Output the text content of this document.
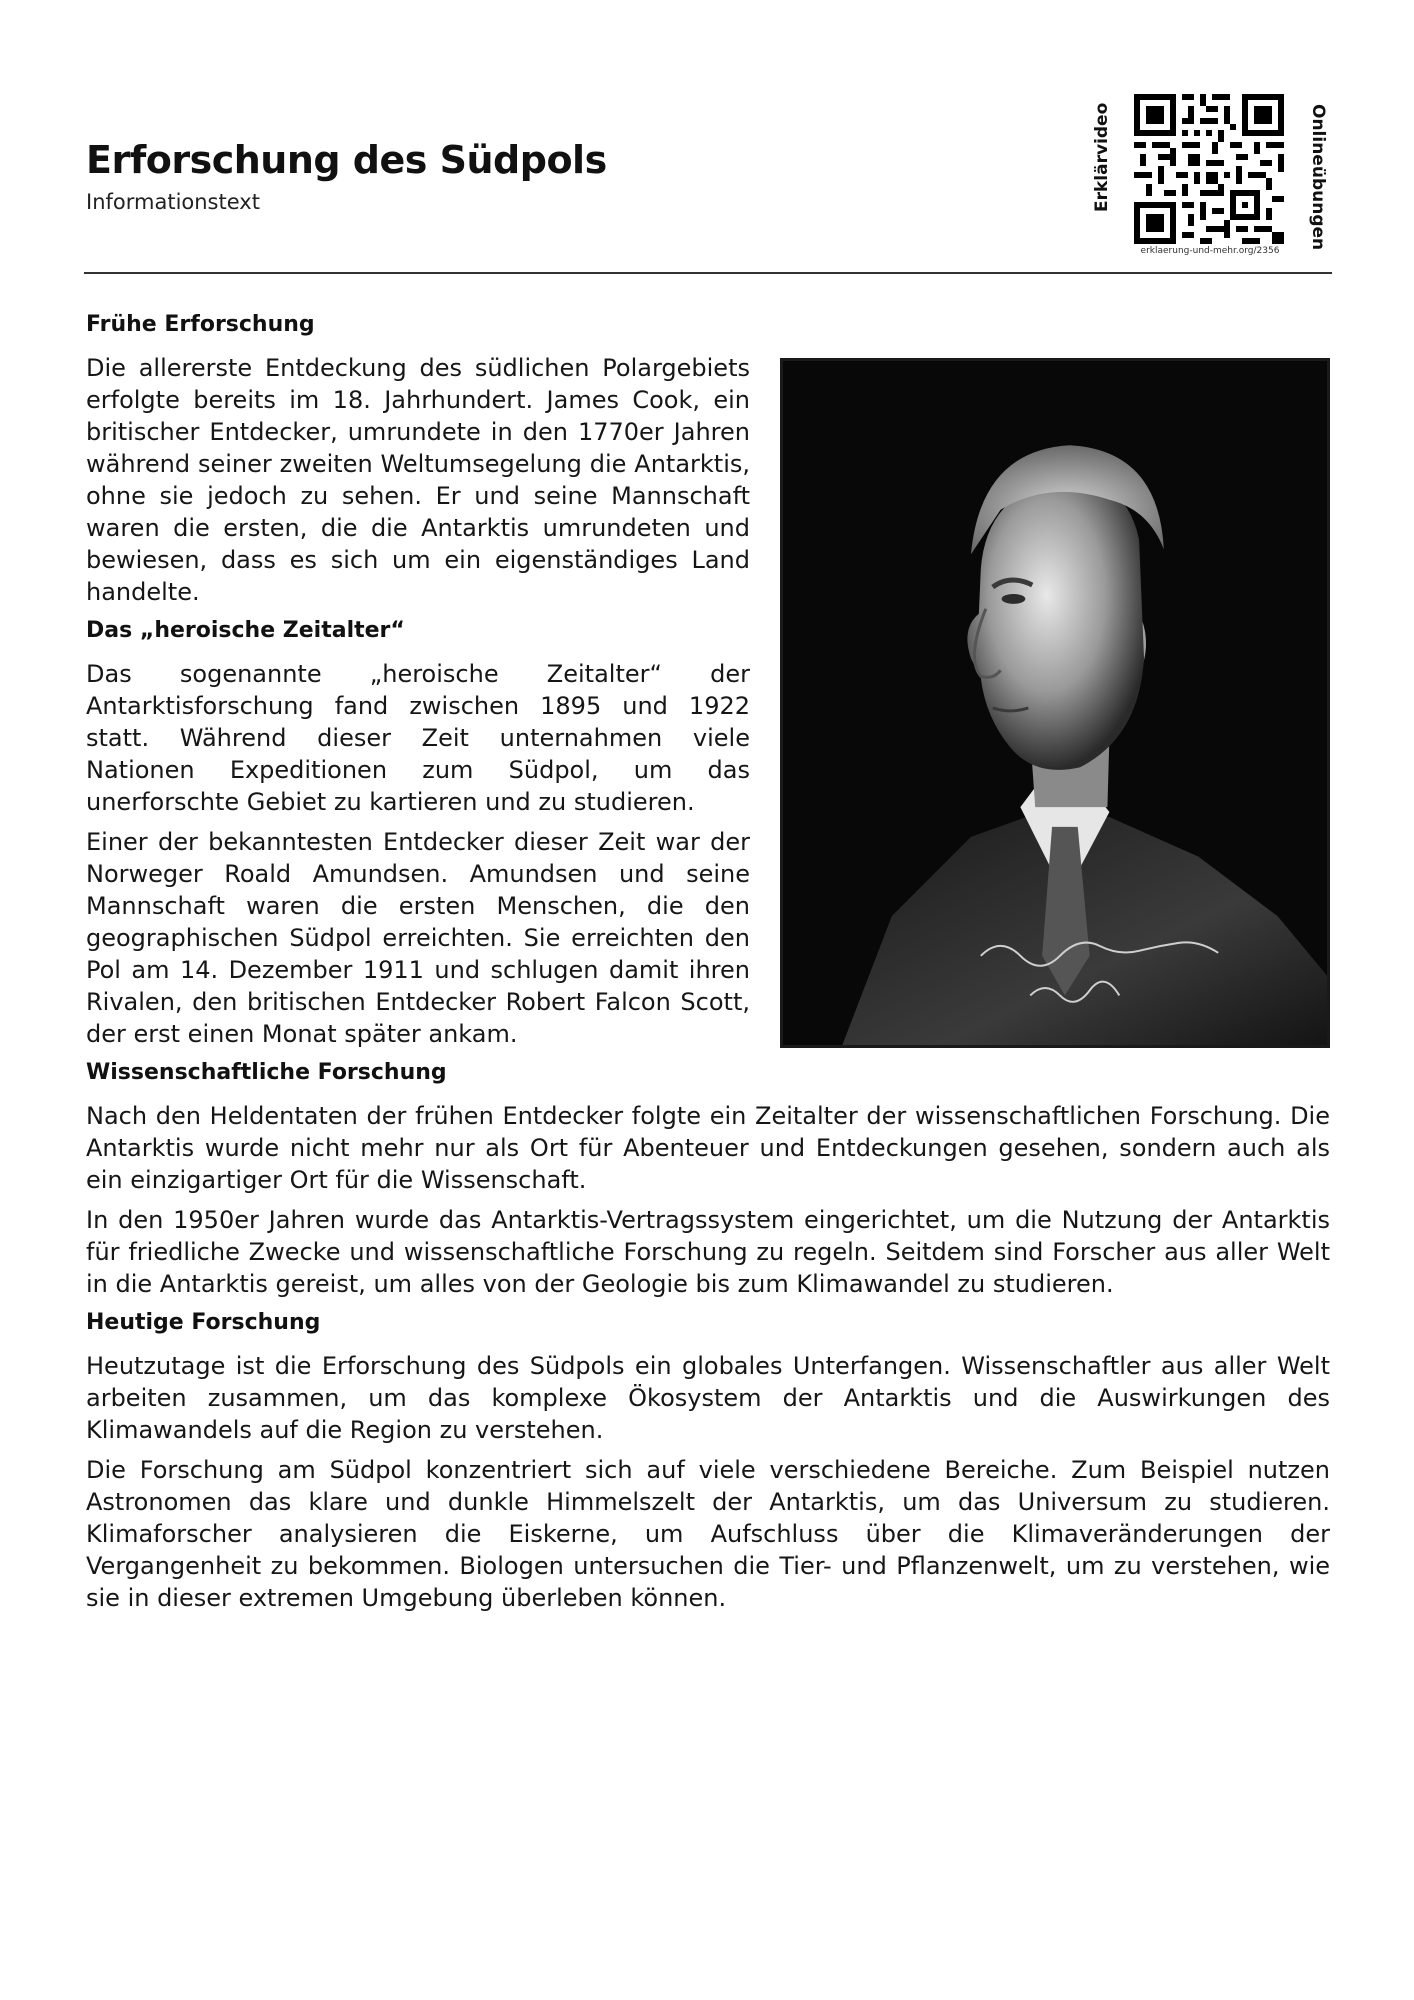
Erforschung des Südpols
Informationstext	Erklärvideo
erklaerung-und-mehr.org/2356
Onlineübungen
Frühe Erforschung

Die allererste Entdeckung des südlichen Polargebiets erfolgte bereits im 18. Jahrhundert. James Cook, ein britischer Entdecker, umrundete in den 1770er Jahren während seiner zweiten Weltumsegelung die Antarktis, ohne sie jedoch zu sehen. Er und seine Mannschaft waren die ersten, die die Antarktis umrundeten und bewiesen, dass es sich um ein eigenständiges Land handelte.

Das „heroische Zeitalter“

Das sogenannte „heroische Zeitalter“ der Antarktisforschung fand zwischen 1895 und 1922 statt. Während dieser Zeit unternahmen viele Nationen Expeditionen zum Südpol, um das unerforschte Gebiet zu kartieren und zu studieren.

Einer der bekanntesten Entdecker dieser Zeit war der Norweger Roald Amundsen. Amundsen und seine Mannschaft waren die ersten Menschen, die den geographischen Südpol erreichten. Sie erreichten den Pol am 14. Dezember 1911 und schlugen damit ihren Rivalen, den britischen Entdecker Robert Falcon Scott, der erst einen Monat später ankam.

Wissenschaftliche Forschung

Nach den Heldentaten der frühen Entdecker folgte ein Zeitalter der wissenschaftlichen Forschung. Die Antarktis wurde nicht mehr nur als Ort für Abenteuer und Entdeckungen gesehen, sondern auch als ein einzigartiger Ort für die Wissenschaft.

In den 1950er Jahren wurde das Antarktis-Vertragssystem eingerichtet, um die Nutzung der Antarktis für friedliche Zwecke und wissenschaftliche Forschung zu regeln. Seitdem sind Forscher aus aller Welt in die Antarktis gereist, um alles von der Geologie bis zum Klimawandel zu studieren.

Heutige Forschung

Heutzutage ist die Erforschung des Südpols ein globales Unterfangen. Wissenschaftler aus aller Welt arbeiten zusammen, um das komplexe Ökosystem der Antarktis und die Auswirkungen des Klimawandels auf die Region zu verstehen.

Die Forschung am Südpol konzentriert sich auf viele verschiedene Bereiche. Zum Beispiel nutzen Astronomen das klare und dunkle Himmelszelt der Antarktis, um das Universum zu studieren. Klimaforscher analysieren die Eiskerne, um Aufschluss über die Klimaveränderungen der Vergangenheit zu bekommen. Biologen untersuchen die Tier- und Pflanzenwelt, um zu verstehen, wie sie in dieser extremen Umgebung überleben können.
